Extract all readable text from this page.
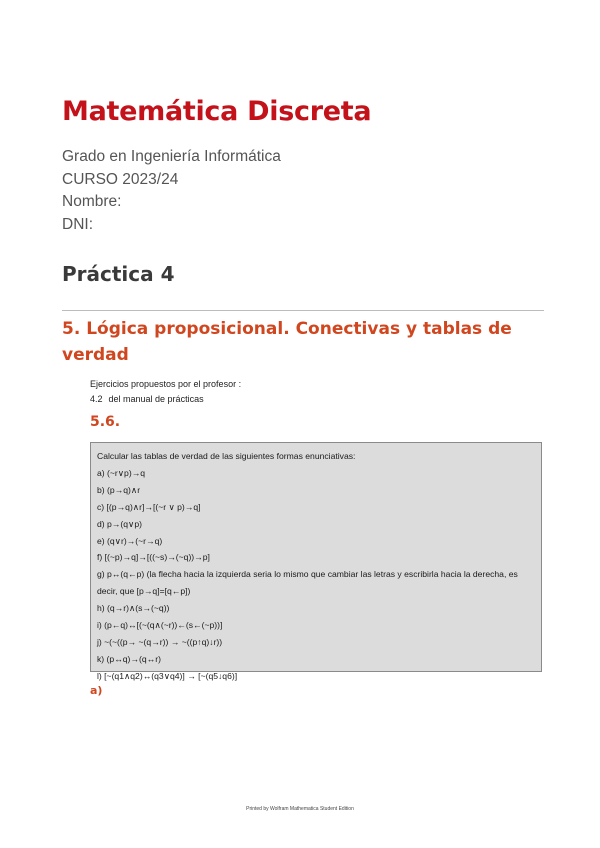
Matemática Discreta
Grado en Ingeniería Informática
CURSO 2023/24
Nombre:
DNI:
Práctica 4
5. Lógica proposicional. Conectivas y tablas de verdad
Ejercicios propuestos por el profesor :
4.2 del manual de prácticas
5.6.
Calcular las tablas de verdad de las siguientes formas enunciativas:
a) (~r∨p)→q
b) (p→q)∧r
c) [(p→q)∧r]→[(~r ∨ p)→q]
d) p→(q∨p)
e) (q∨r)→(~r→q)
f) [(~p)→q]→[((~s)→(~q))→p]
g) p↔(q←p) (la flecha hacia la izquierda seria lo mismo que cambiar las letras y escribirla hacia la derecha, es decir, que [p→q]=[q←p])
h) (q→r)∧(s→(~q))
i) (p←q)↔[(~(q∧(~r))←(s←(~p))]
j) ~(~((p→ ~(q→r)) → ~((p↑q)↓r))
k) (p↔q)→(q↔r)
l) [~(q1∧q2)↔(q3∨q4)] → [~(q5↓q6)]
a)
Printed by Wolfram Mathematica Student Edition
